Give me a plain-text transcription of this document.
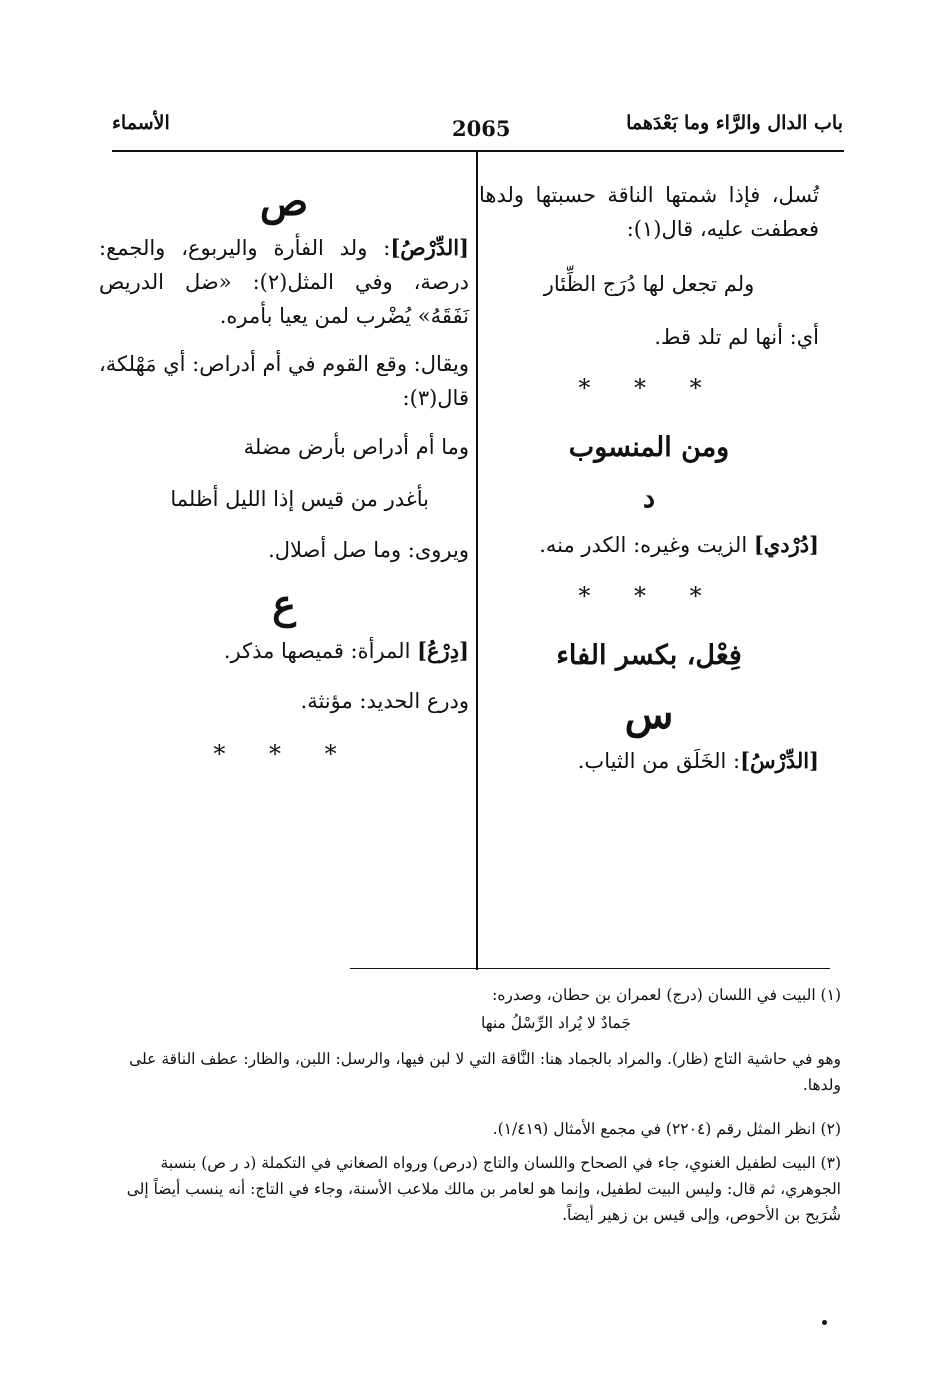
باب الدال والرَّاء وما بَعْدَهما
2065
الأسماء

تُسل، فإذا شمتها الناقة حسبتها ولدها فعطفت عليه، قال(١):

ولم تجعل لها دُرَج الظِّئار

أي: أنها لم تلد قط.

* * *

ومن المنسوب

د

[دُرْدي] الزيت وغيره: الكدر منه.

* * *

فِعْل، بكسر الفاء

س

[الدِّرْسُ]: الخَلَق من الثياب.

ص

[الدِّرْصُ]: ولد الفأرة واليربوع، والجمع: درصة، وفي المثل(٢): «ضل الدريص نَفَقَهُ» يُضْرب لمن يعيا بأمره.

ويقال: وقع القوم في أم أدراص: أي مَهْلكة، قال(٣):

وما أم أدراص بأرض مضلة

بأغدر من قيس إذا الليل أظلما

ويروى: وما صل أصلال.

ع

[دِرْعُ] المرأة: قميصها مذكر.

ودرع الحديد: مؤنثة.

* * *

(١) البيت في اللسان (درج) لعمران بن حطان، وصدره:
جَمادٌ لا يُراد الرِّسْلُ منها
وهو في حاشية التاج (ظار). والمراد بالجماد هنا: النَّاقة التي لا لبن فيها، والرسل: اللبن، والظار: عطف الناقة على ولدها.
(٢) انظر المثل رقم (٢٢٠٤) في مجمع الأمثال (١/٤١٩).
(٣) البيت لطفيل الغنوي، جاء في الصحاح واللسان والتاج (درص) ورواه الصغاني في التكملة (د ر ص) بنسبة الجوهري، ثم قال: وليس البيت لطفيل، وإنما هو لعامر بن مالك ملاعب الأسنة، وجاء في التاج: أنه ينسب أيضاً إلى شُرَيح بن الأحوص، وإلى قيس بن زهير أيضاً.
